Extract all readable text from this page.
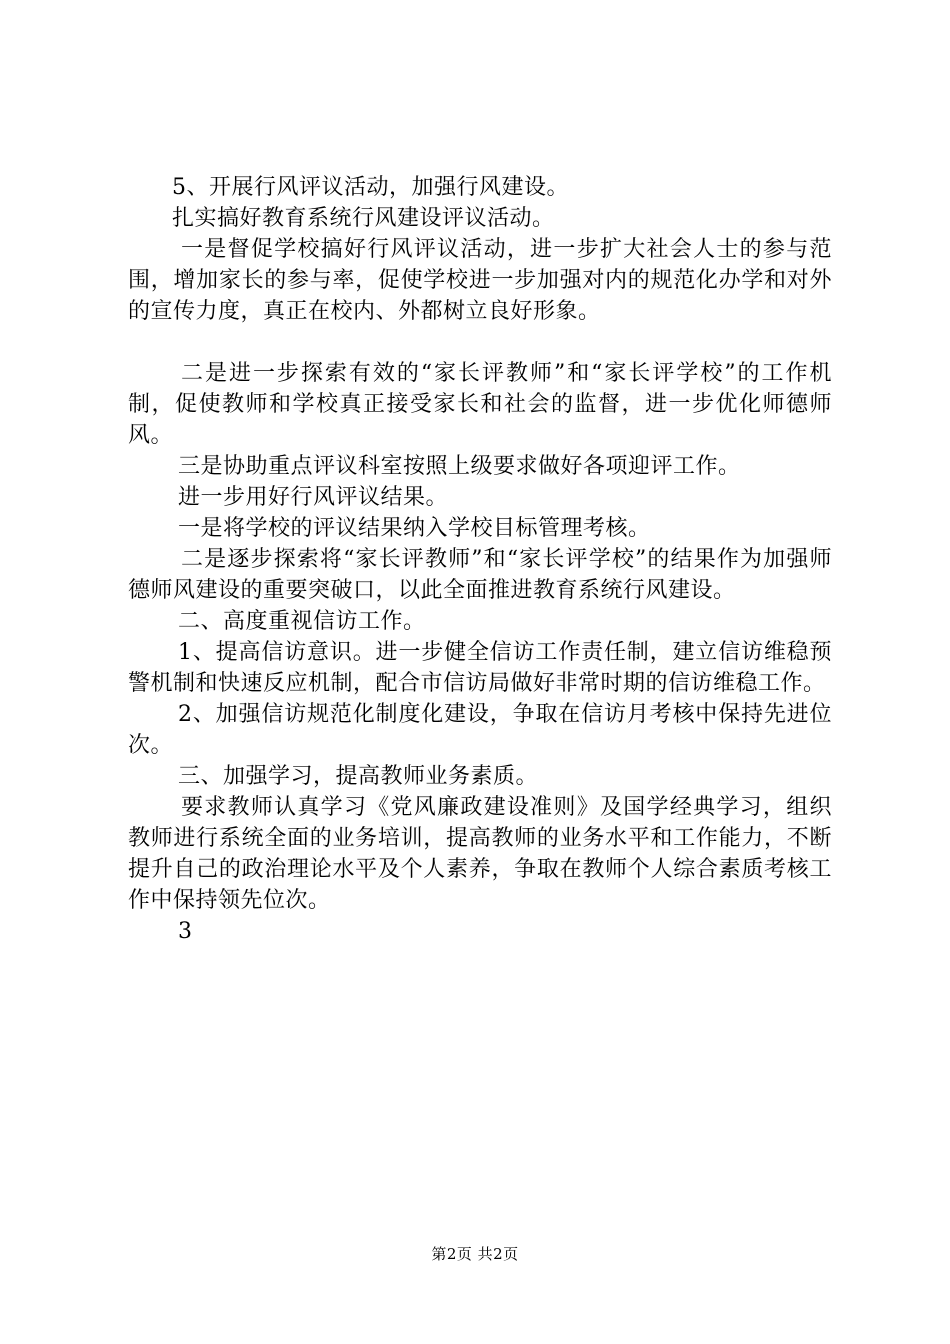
5、开展行风评议活动，加强行风建设。

扎实搞好教育系统行风建设评议活动。

一是督促学校搞好行风评议活动，进一步扩大社会人士的参与范围，增加家长的参与率，促使学校进一步加强对内的规范化办学和对外的宣传力度，真正在校内、外都树立良好形象。

二是进一步探索有效的“家长评教师”和“家长评学校”的工作机制，促使教师和学校真正接受家长和社会的监督，进一步优化师德师风。

三是协助重点评议科室按照上级要求做好各项迎评工作。

进一步用好行风评议结果。

一是将学校的评议结果纳入学校目标管理考核。

二是逐步探索将“家长评教师”和“家长评学校”的结果作为加强师德师风建设的重要突破口，以此全面推进教育系统行风建设。

二、高度重视信访工作。

1、提高信访意识。进一步健全信访工作责任制，建立信访维稳预警机制和快速反应机制，配合市信访局做好非常时期的信访维稳工作。

2、加强信访规范化制度化建设，争取在信访月考核中保持先进位次。

三、加强学习，提高教师业务素质。

要求教师认真学习《党风廉政建设准则》及国学经典学习，组织教师进行系统全面的业务培训，提高教师的业务水平和工作能力，不断提升自己的政治理论水平及个人素养，争取在教师个人综合素质考核工作中保持领先位次。

3

第2页 共2页
